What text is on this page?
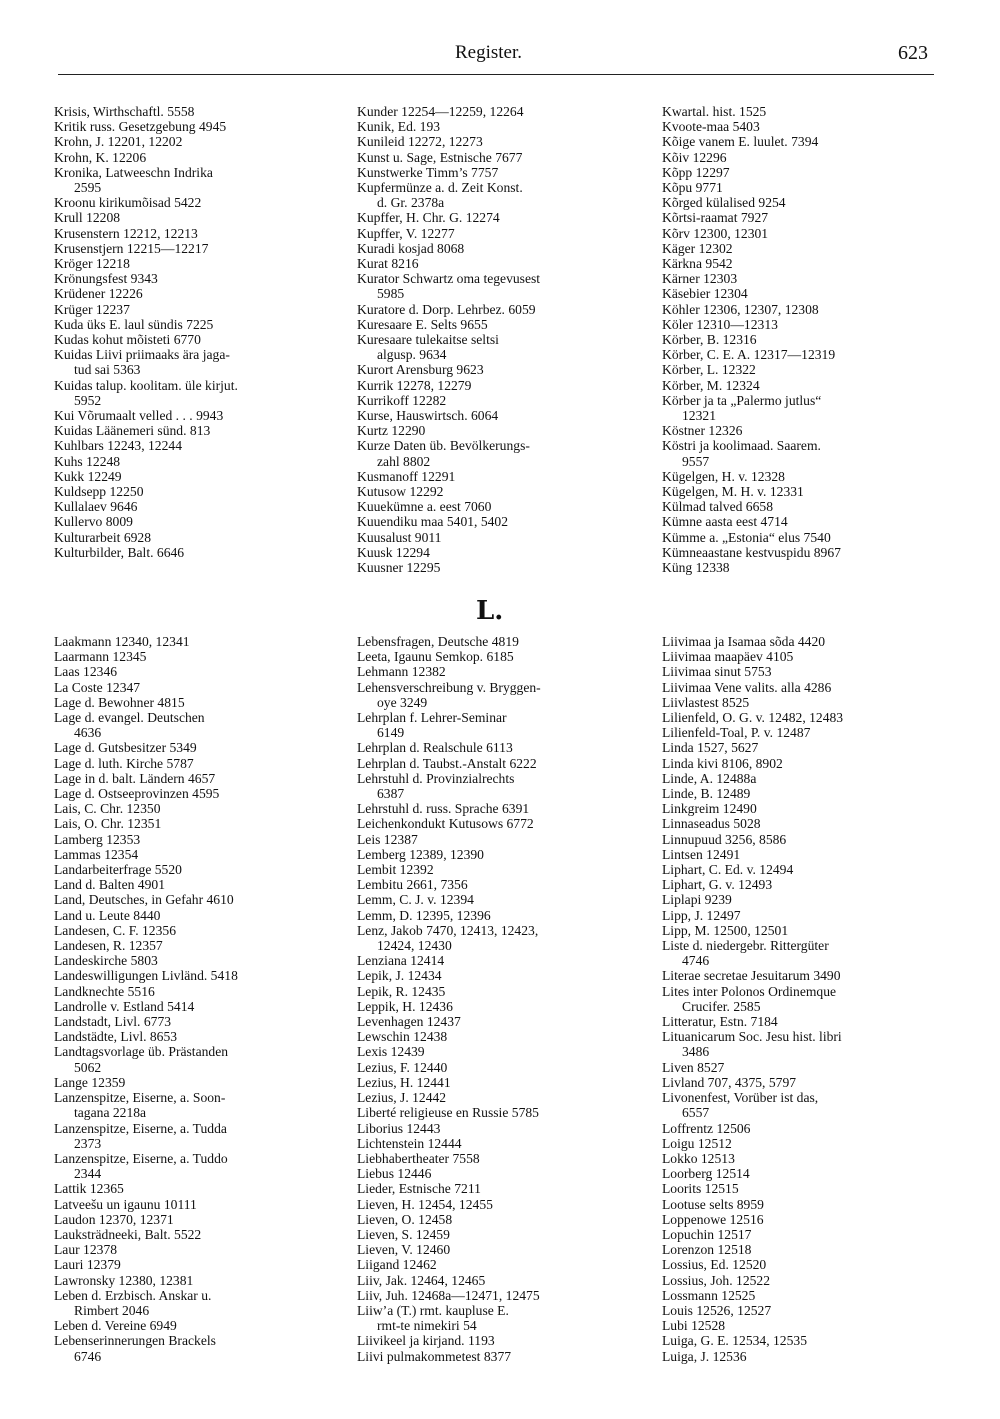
Register.	623
Krisis, Wirthschaftl. 5558
Kritik russ. Gesetzgebung 4945
Krohn, J. 12201, 12202
Krohn, K. 12206
Kronika, Latweeschn Indrika
2595
Kroonu kirikumõisad 5422
Krull 12208
Krusenstern 12212, 12213
Krusenstjern 12215—12217
Kröger 12218
Krönungsfest 9343
Krüdener 12226
Krüger 12237
Kuda üks E. laul sündis 7225
Kudas kohut mõisteti 6770
Kuidas Liivi priimaaks ära jaga-
tud sai 5363
Kuidas talup. koolitam. üle kirjut.
5952
Kui Võrumaalt velled . . . 9943
Kuidas Läänemeri sünd. 813
Kuhlbars 12243, 12244
Kuhs 12248
Kukk 12249
Kuldsepp 12250
Kullalaev 9646
Kullervo 8009
Kulturarbeit 6928
Kulturbilder, Balt. 6646
Kunder 12254—12259, 12264
Kunik, Ed. 193
Kunileid 12272, 12273
Kunst u. Sage, Estnische 7677
Kunstwerke Timm’s 7757
Kupfermünze a. d. Zeit Konst.
d. Gr. 2378a
Kupffer, H. Chr. G. 12274
Kupffer, V. 12277
Kuradi kosjad 8068
Kurat 8216
Kurator Schwartz oma tegevusest
5985
Kuratore d. Dorp. Lehrbez. 6059
Kuresaare E. Selts 9655
Kuresaare tulekaitse seltsi
algusp. 9634
Kurort Arensburg 9623
Kurrik 12278, 12279
Kurrikoff 12282
Kurse, Hauswirtsch. 6064
Kurtz 12290
Kurze Daten üb. Bevölkerungs-
zahl 8802
Kusmanoff 12291
Kutusow 12292
Kuuekümne a. eest 7060
Kuuendiku maa 5401, 5402
Kuusalust 9011
Kuusk 12294
Kuusner 12295
Kwartal. hist. 1525
Kvoote-maa 5403
Kõige vanem E. luulet. 7394
Kõiv 12296
Kõpp 12297
Kõpu 9771
Kõrged külalised 9254
Kõrtsi-raamat 7927
Kõrv 12300, 12301
Käger 12302
Kärkna 9542
Kärner 12303
Käsebier 12304
Köhler 12306, 12307, 12308
Köler 12310—12313
Körber, B. 12316
Körber, C. E. A. 12317—12319
Körber, L. 12322
Körber, M. 12324
Körber ja ta „Palermo jutlus“
12321
Köstner 12326
Köstri ja koolimaad. Saarem.
9557
Kügelgen, H. v. 12328
Kügelgen, M. H. v. 12331
Külmad talved 6658
Kümne aasta eest 4714
Kümme a. „Estonia“ elus 7540
Kümneaastane kestvuspidu 8967
Küng 12338
L.
Laakmann 12340, 12341
Laarmann 12345
Laas 12346
La Coste 12347
Lage d. Bewohner 4815
Lage d. evangel. Deutschen
4636
Lage d. Gutsbesitzer 5349
Lage d. luth. Kirche 5787
Lage in d. balt. Ländern 4657
Lage d. Ostseeprovinzen 4595
Lais, C. Chr. 12350
Lais, O. Chr. 12351
Lamberg 12353
Lammas 12354
Landarbeiterfrage 5520
Land d. Balten 4901
Land, Deutsches, in Gefahr 4610
Land u. Leute 8440
Landesen, C. F. 12356
Landesen, R. 12357
Landeskirche 5803
Landeswilligungen Livländ. 5418
Landknechte 5516
Landrolle v. Estland 5414
Landstadt, Livl. 6773
Landstädte, Livl. 8653
Landtagsvorlage üb. Prästanden
5062
Lange 12359
Lanzenspitze, Eiserne, a. Soon-
tagana 2218a
Lanzenspitze, Eiserne, a. Tudda
2373
Lanzenspitze, Eiserne, a. Tuddo
2344
Lattik 12365
Latveešu un igaunu 10111
Laudon 12370, 12371
Lauksträdneeki, Balt. 5522
Laur 12378
Lauri 12379
Lawronsky 12380, 12381
Leben d. Erzbisch. Anskar u.
Rimbert 2046
Leben d. Vereine 6949
Lebenserinnerungen Brackels
6746
Lebensfragen, Deutsche 4819
Leeta, Igaunu Semkop. 6185
Lehmann 12382
Lehensverschreibung v. Bryggen-
oye 3249
Lehrplan f. Lehrer-Seminar
6149
Lehrplan d. Realschule 6113
Lehrplan d. Taubst.-Anstalt 6222
Lehrstuhl d. Provinzialrechts
6387
Lehrstuhl d. russ. Sprache 6391
Leichenkondukt Kutusows 6772
Leis 12387
Lemberg 12389, 12390
Lembit 12392
Lembitu 2661, 7356
Lemm, C. J. v. 12394
Lemm, D. 12395, 12396
Lenz, Jakob 7470, 12413, 12423,
12424, 12430
Lenziana 12414
Lepik, J. 12434
Lepik, R. 12435
Leppik, H. 12436
Levenhagen 12437
Lewschin 12438
Lexis 12439
Lezius, F. 12440
Lezius, H. 12441
Lezius, J. 12442
Liberté religieuse en Russie 5785
Liborius 12443
Lichtenstein 12444
Liebhabertheater 7558
Liebus 12446
Lieder, Estnische 7211
Lieven, H. 12454, 12455
Lieven, O. 12458
Lieven, S. 12459
Lieven, V. 12460
Liigand 12462
Liiv, Jak. 12464, 12465
Liiv, Juh. 12468a—12471, 12475
Liiw’a (T.) rmt. kaupluse E.
rmt-te nimekiri 54
Liivikeel ja kirjand. 1193
Liivi pulmakommetest 8377
Liivimaa ja Isamaa sõda 4420
Liivimaa maapäev 4105
Liivimaa sinut 5753
Liivimaa Vene valits. alla 4286
Liivlastest 8525
Lilienfeld, O. G. v. 12482, 12483
Lilienfeld-Toal, P. v. 12487
Linda 1527, 5627
Linda kivi 8106, 8902
Linde, A. 12488a
Linde, B. 12489
Linkgreim 12490
Linnaseadus 5028
Linnupuud 3256, 8586
Lintsen 12491
Liphart, C. Ed. v. 12494
Liphart, G. v. 12493
Liplapi 9239
Lipp, J. 12497
Lipp, M. 12500, 12501
Liste d. niedergebr. Rittergüter
4746
Literae secretae Jesuitarum 3490
Lites inter Polonos Ordinemque
Crucifer. 2585
Litteratur, Estn. 7184
Lituanicarum Soc. Jesu hist. libri
3486
Liven 8527
Livland 707, 4375, 5797
Livonenfest, Vorüber ist das,
6557
Loffrentz 12506
Loigu 12512
Lokko 12513
Loorberg 12514
Loorits 12515
Lootuse selts 8959
Loppenowe 12516
Lopuchin 12517
Lorenzon 12518
Lossius, Ed. 12520
Lossius, Joh. 12522
Lossmann 12525
Louis 12526, 12527
Lubi 12528
Luiga, G. E. 12534, 12535
Luiga, J. 12536
